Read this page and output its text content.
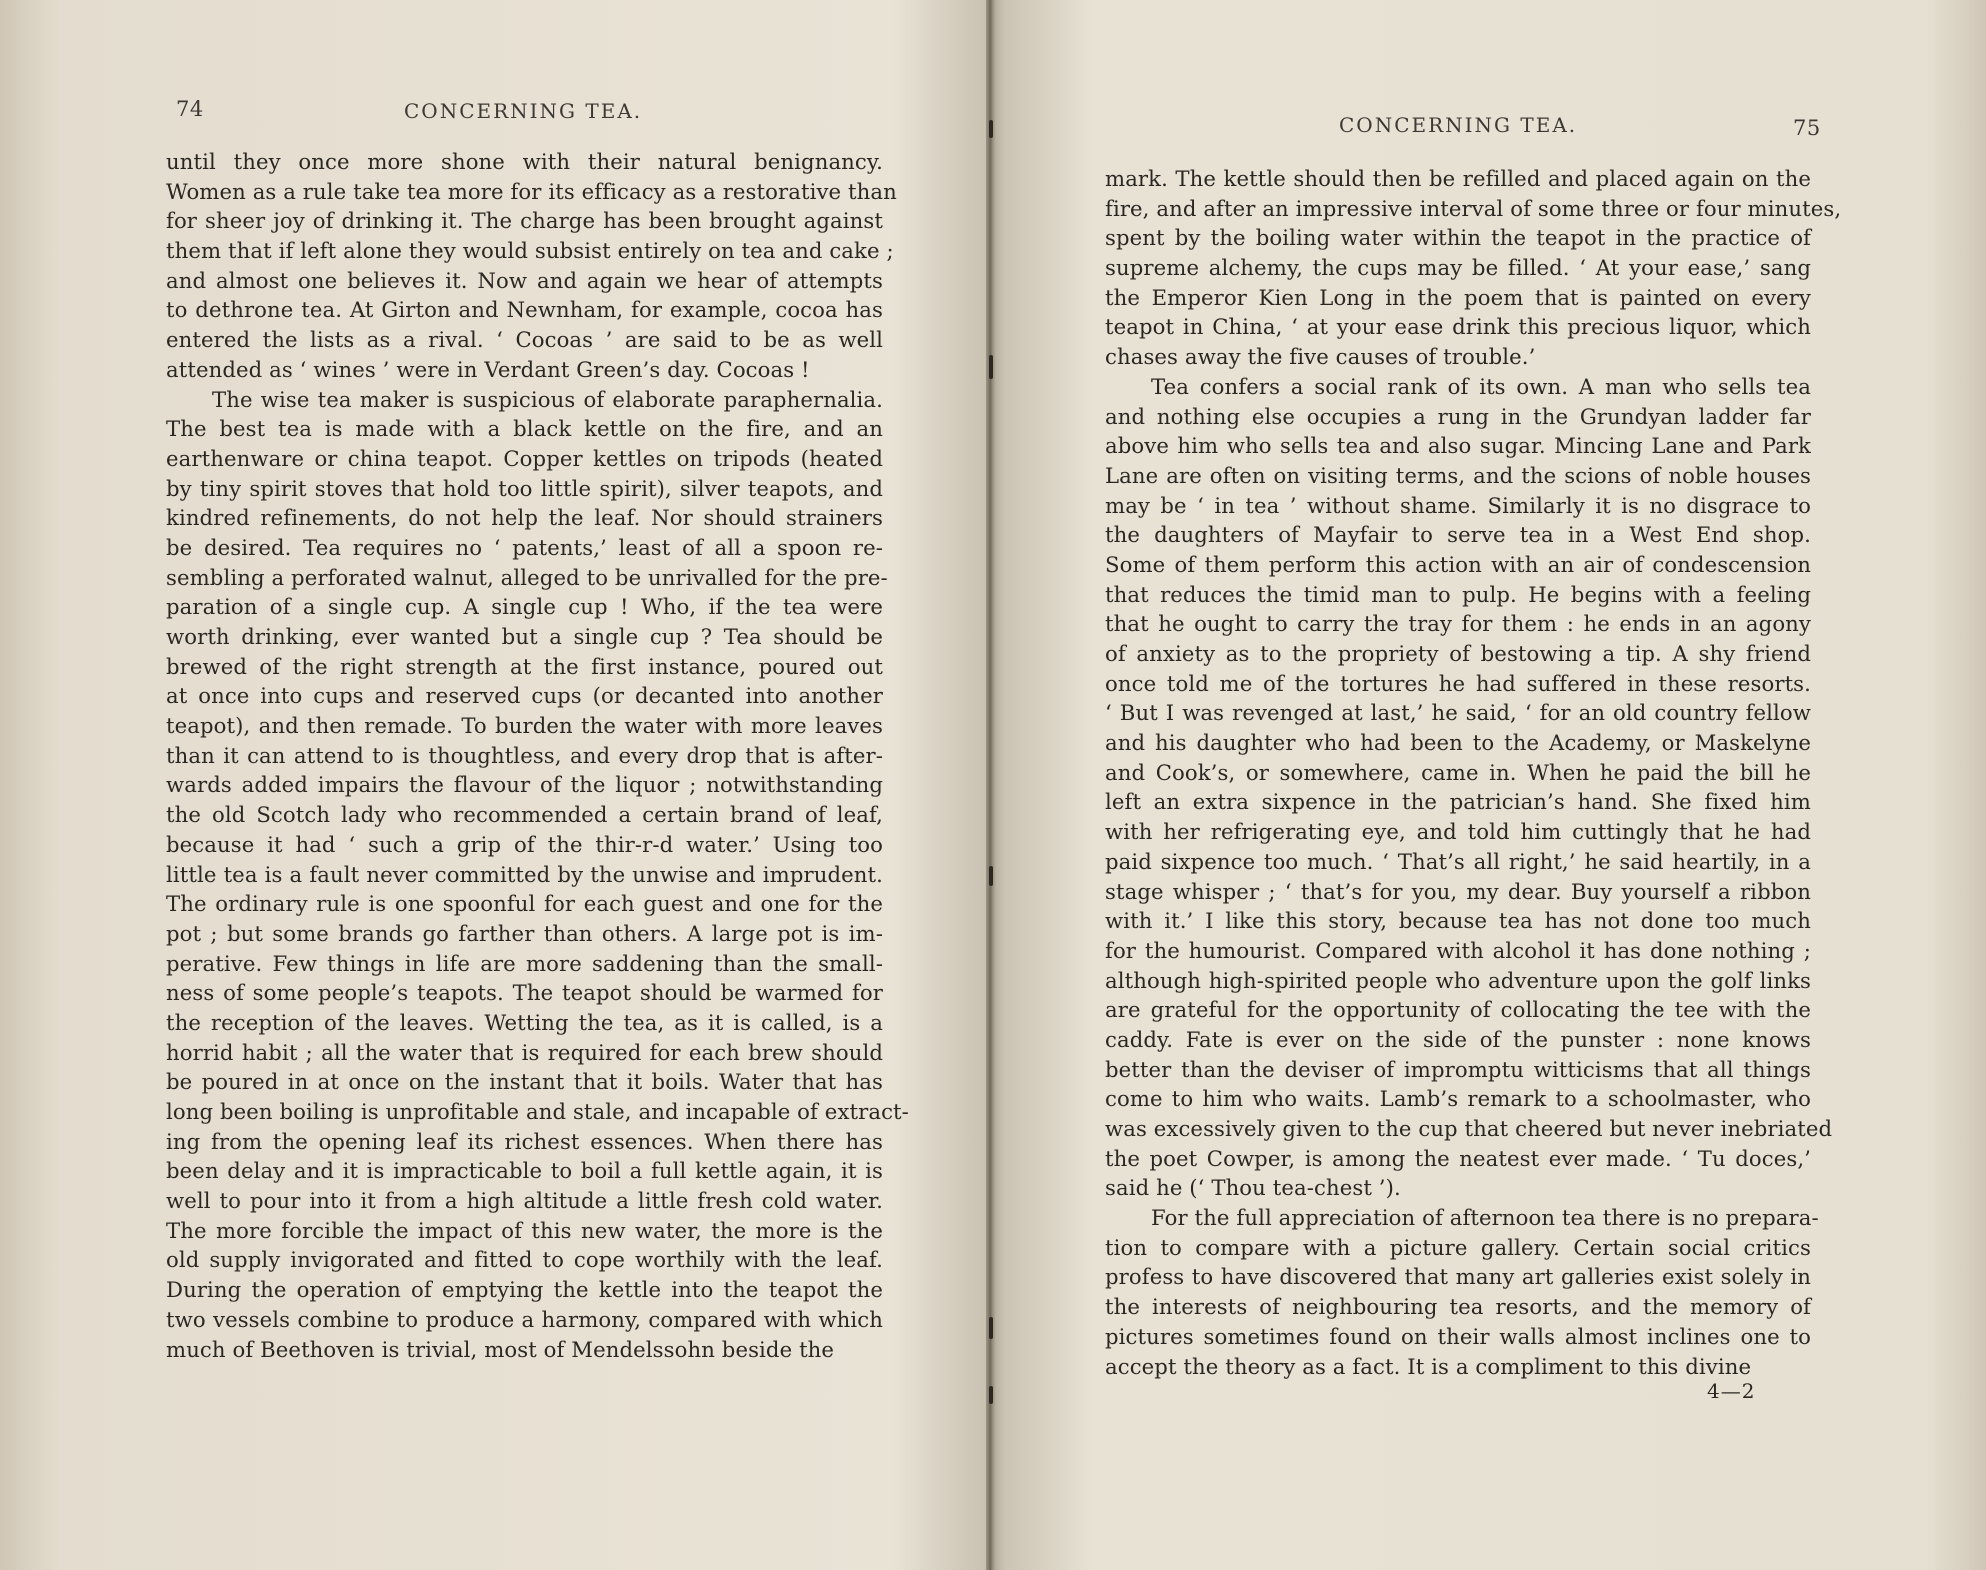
74	CONCERNING TEA.
until they once more shone with their natural benignancy.
Women as a rule take tea more for its efficacy as a restorative than
for sheer joy of drinking it. The charge has been brought against
them that if left alone they would subsist entirely on tea and cake ;
and almost one believes it. Now and again we hear of attempts
to dethrone tea. At Girton and Newnham, for example, cocoa has
entered the lists as a rival. ‘ Cocoas ’ are said to be as well
attended as ‘ wines ’ were in Verdant Green’s day. Cocoas !
The wise tea maker is suspicious of elaborate paraphernalia.
The best tea is made with a black kettle on the fire, and an
earthenware or china teapot. Copper kettles on tripods (heated
by tiny spirit stoves that hold too little spirit), silver teapots, and
kindred refinements, do not help the leaf. Nor should strainers
be desired. Tea requires no ‘ patents,’ least of all a spoon re-
sembling a perforated walnut, alleged to be unrivalled for the pre-
paration of a single cup. A single cup ! Who, if the tea were
worth drinking, ever wanted but a single cup ? Tea should be
brewed of the right strength at the first instance, poured out
at once into cups and reserved cups (or decanted into another
teapot), and then remade. To burden the water with more leaves
than it can attend to is thoughtless, and every drop that is after-
wards added impairs the flavour of the liquor ; notwithstanding
the old Scotch lady who recommended a certain brand of leaf,
because it had ‘ such a grip of the thir-r-d water.’ Using too
little tea is a fault never committed by the unwise and imprudent.
The ordinary rule is one spoonful for each guest and one for the
pot ; but some brands go farther than others. A large pot is im-
perative. Few things in life are more saddening than the small-
ness of some people’s teapots. The teapot should be warmed for
the reception of the leaves. Wetting the tea, as it is called, is a
horrid habit ; all the water that is required for each brew should
be poured in at once on the instant that it boils. Water that has
long been boiling is unprofitable and stale, and incapable of extract-
ing from the opening leaf its richest essences. When there has
been delay and it is impracticable to boil a full kettle again, it is
well to pour into it from a high altitude a little fresh cold water.
The more forcible the impact of this new water, the more is the
old supply invigorated and fitted to cope worthily with the leaf.
During the operation of emptying the kettle into the teapot the
two vessels combine to produce a harmony, compared with which
much of Beethoven is trivial, most of Mendelssohn beside the
CONCERNING TEA.	75
mark. The kettle should then be refilled and placed again on the
fire, and after an impressive interval of some three or four minutes,
spent by the boiling water within the teapot in the practice of
supreme alchemy, the cups may be filled. ‘ At your ease,’ sang
the Emperor Kien Long in the poem that is painted on every
teapot in China, ‘ at your ease drink this precious liquor, which
chases away the five causes of trouble.’
Tea confers a social rank of its own. A man who sells tea
and nothing else occupies a rung in the Grundyan ladder far
above him who sells tea and also sugar. Mincing Lane and Park
Lane are often on visiting terms, and the scions of noble houses
may be ‘ in tea ’ without shame. Similarly it is no disgrace to
the daughters of Mayfair to serve tea in a West End shop.
Some of them perform this action with an air of condescension
that reduces the timid man to pulp. He begins with a feeling
that he ought to carry the tray for them : he ends in an agony
of anxiety as to the propriety of bestowing a tip. A shy friend
once told me of the tortures he had suffered in these resorts.
‘ But I was revenged at last,’ he said, ‘ for an old country fellow
and his daughter who had been to the Academy, or Maskelyne
and Cook’s, or somewhere, came in. When he paid the bill he
left an extra sixpence in the patrician’s hand. She fixed him
with her refrigerating eye, and told him cuttingly that he had
paid sixpence too much. ‘ That’s all right,’ he said heartily, in a
stage whisper ; ‘ that’s for you, my dear. Buy yourself a ribbon
with it.’ I like this story, because tea has not done too much
for the humourist. Compared with alcohol it has done nothing ;
although high-spirited people who adventure upon the golf links
are grateful for the opportunity of collocating the tee with the
caddy. Fate is ever on the side of the punster : none knows
better than the deviser of impromptu witticisms that all things
come to him who waits. Lamb’s remark to a schoolmaster, who
was excessively given to the cup that cheered but never inebriated
the poet Cowper, is among the neatest ever made. ‘ Tu doces,’
said he (‘ Thou tea-chest ’).
For the full appreciation of afternoon tea there is no prepara-
tion to compare with a picture gallery. Certain social critics
profess to have discovered that many art galleries exist solely in
the interests of neighbouring tea resorts, and the memory of
pictures sometimes found on their walls almost inclines one to
accept the theory as a fact. It is a compliment to this divine
4—2
